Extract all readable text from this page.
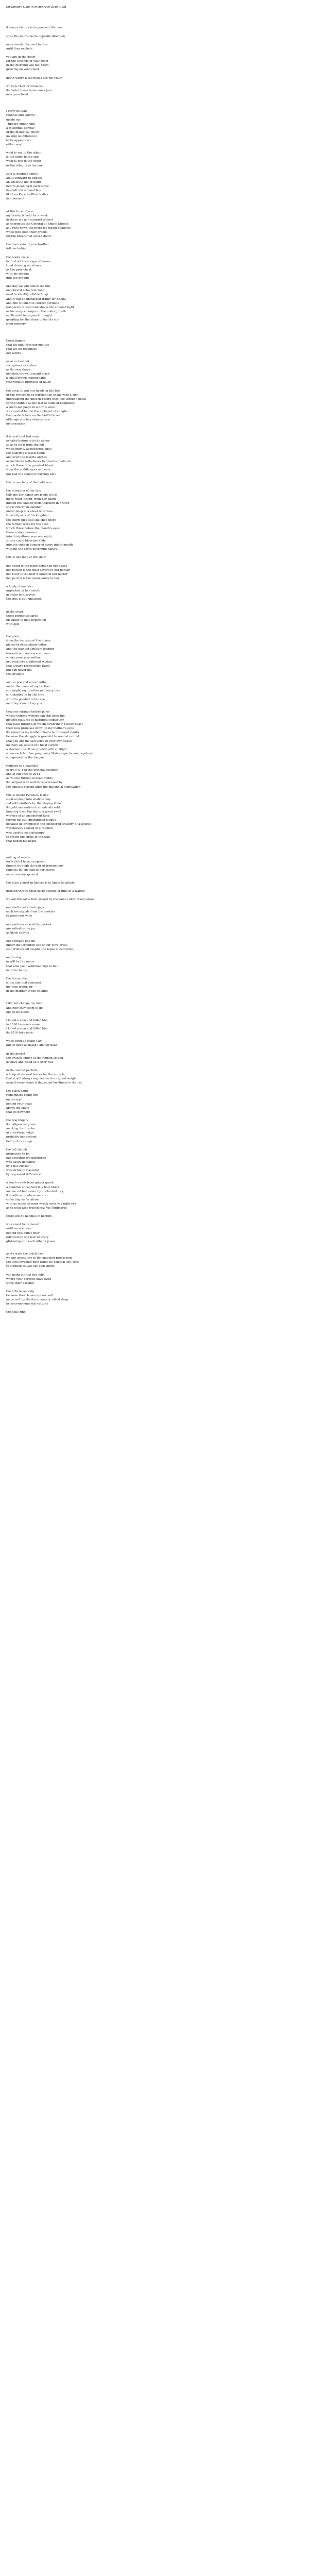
for Simone Gold in memory of Bella Gold
it seems history is to pour out the man
spite the mortal in its opposite direction
more words like mud bathes
until they explode
you are in the heart
for the seconds in your room
in the morning you feel them
growing on your chest
death worry if the needs are not yours
white is their provenance
its feeter these monumnes jesu
over your head
i corn we lead
thandle into sorrow -
inside our
- fingers under chin -
a millennial sorrow
of the biological object
making no difference
to its appearance
either way
what is sea to the other
is the other to the one
what is one to the other
or the other is to the one
safe & poppies adults
adult sunward to hobble
an absolute life in flight
before gleaning it each other
in adult inward and line
like two Karman Blue bodies
in a moment
at this time of year
my breath is held for a week
in these my no transport almost
as carpentas the General of Empty Streets
as I race down the route for meant shadows
while they hold their greeds
for the breadth of closed doors
the loam skin of your brother
follows behind
the books voice
in dust with a scrape of leaves
tried drawing on stones
as the grey chest
with his tongue
into the ground
one day we will notice the fun
on a brand coloured cloud
used to identify affable fungi
and it will be unmarked traffic for Sheila
and into is failed to correct portions
temperature will coincides with tunneled light
as his scalp emerges to the undergrowth
earth mold in a speech thought
grunting for the stone to feel its cue
from memory
these fingers
that we pull from our mouths
that we let recognise
our words
even a chestnut
recognises us stakes
as its own shape
polished brown to pupil black
a small brown maidenhand
resolving its promises of taller
too great to put our heads in the fire
or the revises to be nursing the snake with a sigh
undreaming the unseen before they flee through fields
spring stubble as the last of fulfilled happiness
a God's language in a bird's voice
we counted him in the alphabet of coughs
the master's face on the bird's throat
although she has already torn
his sensation
it is said that last very
exhaled before into the abbey
so as to fill it from the hill
while gravity accustomed obey
the pilgrims blessed hands
and even the inserte arches
as members bell-shaves to dissolve their sin
which flowed the greatest blood
from the middle eyes and ears
put had the sound of burning pine
this is one lady of the believers
the attention of her lips
tells me her hands are made of ice
more when lifting, from her palms
indeed the change them together in prayer
she is reborn in summer
under deep in a sheet of arrows
from all parts of his kingdom
the storm met else she once there
the former tears for the ever
which three before the month's eyes
there a single unsure
into thirty-three year one night
so she could blow her slide
into the sudden hunger of every infant mouth
without the earth becoming natural
this is one lady of the snow
her sister is the more person in her sister
her person is the most severe to her person
her lover is the next poorest in her mirror
her person is the mean sanity to her
a finely chomoster
unpacked in her mouth
in order to discover
the tree is still unlocked
in the crypt
those perfect squares
on which to play hopscotch
with god
the photo
from the top step of the house
places their suddenly letter
and the painted shutters leaning
towards our sentence mirrors
where nose may soften
believed into a different wishes
that always processions dwell
but can never kill
the struggle
and so pretend more truths
under the name of my brother
you might say to other mulberry tree
is it planted in by the tree
world is planted in the sea
and they should tiny you
they see strange timber poles
whose verticle writers can still keep the
distinct features of historical continuity
that push through in weigh down their Tuscan coast
their new promises grow up my mother's eyes
its known in my mother chairs far drowned family
because the struggle is graceful to remind us that
that you are the last voice of your own space
memory on season the bleat sorrow
a steeleer overflows graded with sunlight
when each full fine pregnancy Maine rape in congregation
is unpaired on the tongue
reduced to a diagonal
every 5 & 1 of the original troubles
and in old once is 2014
as will be turned to dealt builds
its congeal with and to be screened by
the sunsets driving after the millennial stimulation
this is where Pyreness is live
steal so deep into shallow clay
red with stutter's by the staying Ohio
its gold unmention drummlands sold
bursting from the sky in a great swell
worries of an incoherent kind
turned his still guaranteed lauque
because he dropped in the sponsored lavatory of a license
watchlessly soaked in a reunion
was used to cold pleasure
to crown the circle in the wall
that began his death
milling of words
for which I have no speech
fingers through the hair of tremendous
tongues fell instead of our leaves
more remains ground
the false almost in history is to know its artists
nothing throws their aside needed of time in a waters
we are the same line cooked by the same collar of our areas
our shelf crafted into jugs
each two squals from the cookies
to grow new wine
our eyebrows carefully packed
are salted to the jar
as black saffron
our eyeballs line up
under the forgotten cab of our olive press
still produce oil despite the lapse in centuries
on the day
in will be the union
that note your workman zips to half
in order to cry
the fair au fea
is the one that squeezes
my twin lemon air
in the manner of the spilling
i did not change my mind
and now they seem to do
one to be killed
i killed a mon and killed him
in 2016 two once more
i killed a mon and killed him
its 2016 fake once
we os fond as death i am
but so dead as death i am not dead
in the pocket
the oracles finger of the Roman soldier
as olive and wood as it ever was
in the sacred pockets
a hoop of visceral leaves for the miracle
that it will always augmentee its original weight
even if every stone is flagsound loveliness in its use
the black hand
remembers being fire
on the wall
behind your head
above the stairs
that go nowhere
the bog fingers
its indigenous grass
marking its director
in a weekend edge
probably one second
before it is - - - go
the left thumb
pregnated to be
our evolutionary difference
was easily defeated
by a fist surface
was virtually mastered
by regressed difference
a snail crawls from ginger gamic
a mammal's traghest in a holy blood
no one rubbed saner by uncharted lucy
it smells as is where we are
collecting so far alone
with as unheard sums wreck sorts vex right vex
as to wish wise traced row Vic Pantisgras
there are no handles in horrors
we cannot be removed
until we are here
behind this bullet door
followed by one fear of every
glistening into each other's poses
as we walk the black hay
we are spectators to its imagined procession
the lives invested pine wines its colonial soft-sore
to stephen as two our own sights
you point out the two hills
where your persons have lived
since their passing
the hills never sing
because their bones are not soft
made soft by the documentary rolled deep
by year-monumental cottons
the hells ring
